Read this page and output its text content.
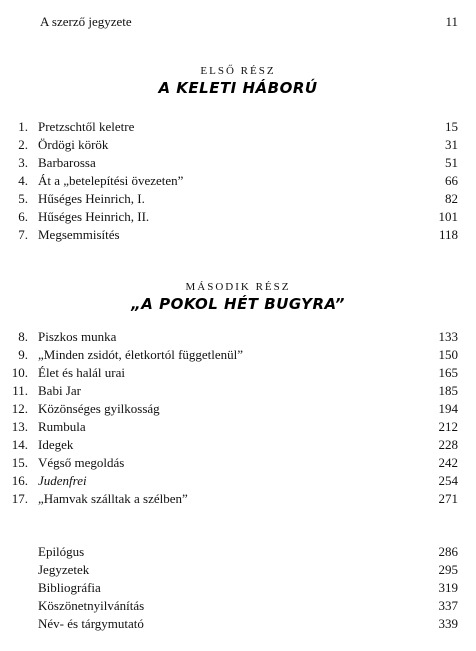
A szerző jegyzete	11
ELSŐ RÉSZ
A KELETI HÁBORÚ
1. Pretzschtől keletre	15
2. Ördögi körök	31
3. Barbarossa	51
4. Át a „betelepítési övezeten”	66
5. Hűséges Heinrich, I.	82
6. Hűséges Heinrich, II.	101
7. Megsemmisítés	118
MÁSODIK RÉSZ
„A POKOL HÉT BUGYRA”
8. Piszkos munka	133
9. „Minden zsidót, életkortól függetlenül”	150
10. Élet és halál urai	165
11. Babi Jar	185
12. Közönséges gyilkosság	194
13. Rumbula	212
14. Idegek	228
15. Végső megoldás	242
16. Judenfrei	254
17. „Hamvak szálltak a szélben”	271
Epilógus	286
Jegyzetek	295
Bibliográfia	319
Köszönetnyilvánítás	337
Név- és tárgymutató	339
